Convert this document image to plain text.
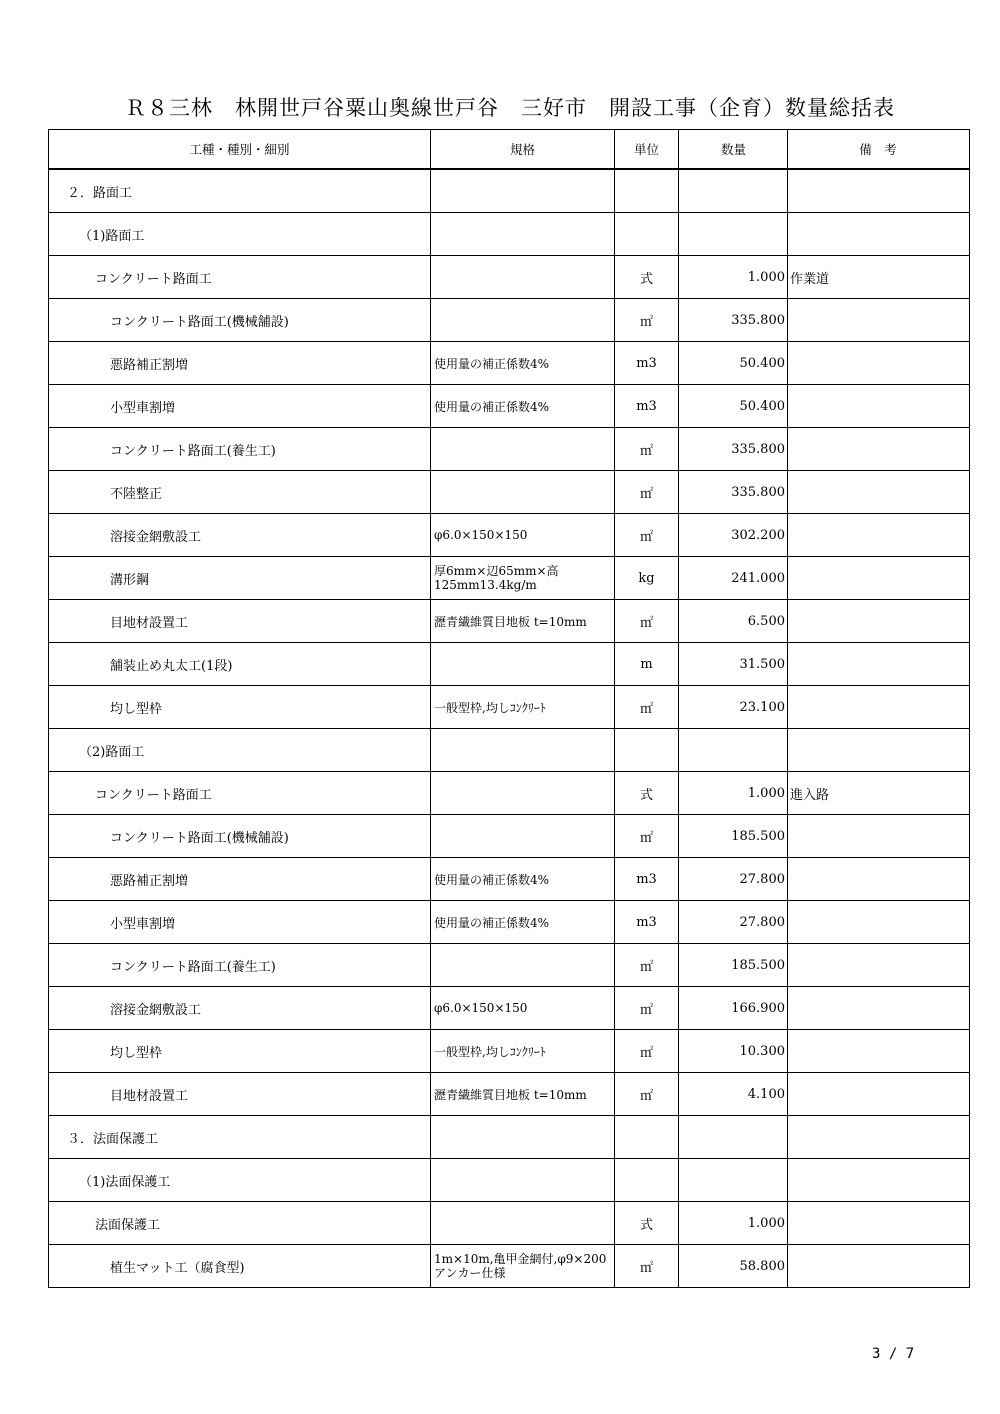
Ｒ８三林　林開世戸谷粟山奥線世戸谷　三好市　開設工事（企育）数量総括表
工種・種別・細別	規格	単位	数量	備　考
２．路面工				
（1)路面工				
コンクリート路面工		式	1.000	作業道
コンクリート路面工(機械舗設)		㎡	335.800	
悪路補正割増	使用量の補正係数4%	m3	50.400	
小型車割増	使用量の補正係数4%	m3	50.400	
コンクリート路面工(養生工)		㎡	335.800	
不陸整正		㎡	335.800	
溶接金網敷設工	φ6.0×150×150	㎡	302.200	
溝形鋼	厚6mm×辺65mm×高125mm13.4kg/m	kg	241.000	
目地材設置工	瀝青繊維質目地板 t=10mm	㎡	6.500	
舗装止め丸太工(1段)		m	31.500	
均し型枠	一般型枠,均しｺﾝｸﾘｰﾄ	㎡	23.100	
（2)路面工				
コンクリート路面工		式	1.000	進入路
コンクリート路面工(機械舗設)		㎡	185.500	
悪路補正割増	使用量の補正係数4%	m3	27.800	
小型車割増	使用量の補正係数4%	m3	27.800	
コンクリート路面工(養生工)		㎡	185.500	
溶接金網敷設工	φ6.0×150×150	㎡	166.900	
均し型枠	一般型枠,均しｺﾝｸﾘｰﾄ	㎡	10.300	
目地材設置工	瀝青繊維質目地板 t=10mm	㎡	4.100	
３．法面保護工				
（1)法面保護工				
法面保護工		式	1.000	
植生マット工（腐食型)	1m×10m,亀甲金網付,φ9×200アンカー仕様	㎡	58.800	
3 / 7
